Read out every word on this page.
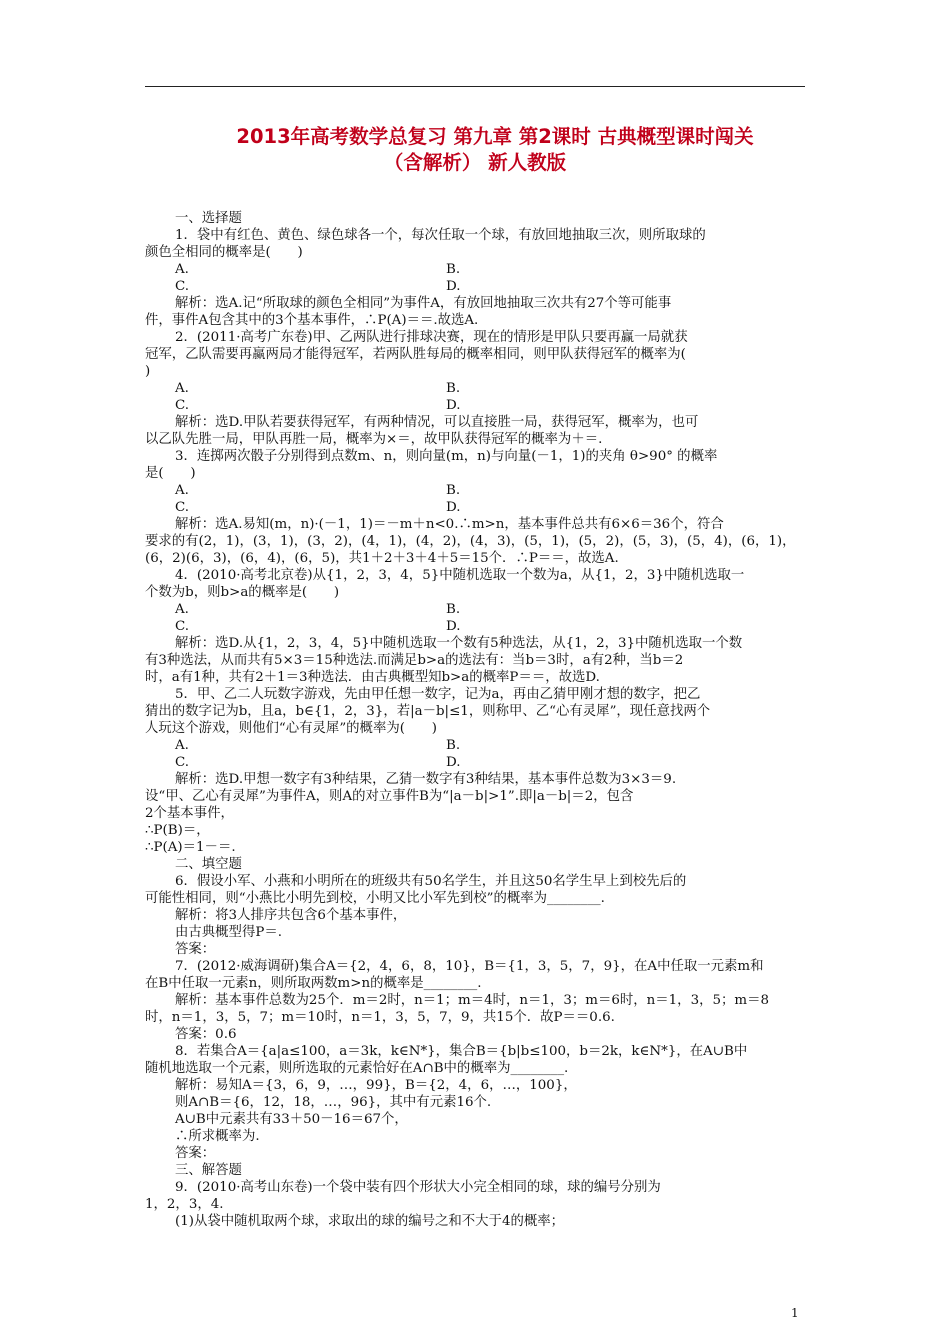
2013年高考数学总复习 第九章 第2课时 古典概型课时闯关
（含解析） 新人教版
一、选择题
1．袋中有红色、黄色、绿色球各一个，每次任取一个球，有放回地抽取三次，则所取球的
颜色全相同的概率是(　　)
A.	B.
C.	D.
解析：选A.记“所取球的颜色全相同”为事件A，有放回地抽取三次共有27个等可能事
件，事件A包含其中的3个基本事件，∴P(A)＝＝.故选A.
2．(2011·高考广东卷)甲、乙两队进行排球决赛，现在的情形是甲队只要再赢一局就获
冠军，乙队需要再赢两局才能得冠军，若两队胜每局的概率相同，则甲队获得冠军的概率为(
)
A.	B.
C.	D.
解析：选D.甲队若要获得冠军，有两种情况，可以直接胜一局，获得冠军，概率为，也可
以乙队先胜一局，甲队再胜一局，概率为×＝，故甲队获得冠军的概率为＋＝.
3．连掷两次骰子分别得到点数m、n，则向量(m，n)与向量(－1，1)的夹角 θ>90° 的概率
是(　　)
A.	B.
C.	D.
解析：选A.易知(m，n)·(－1，1)＝－m＋n<0.∴m>n，基本事件总共有6×6＝36个，符合
要求的有(2，1)，(3，1)，(3，2)，(4，1)，(4，2)，(4，3)，(5，1)，(5，2)，(5，3)，(5，4)，(6，1)，
(6，2)(6，3)，(6，4)，(6，5)，共1＋2＋3＋4＋5＝15个．∴P＝＝，故选A.
4．(2010·高考北京卷)从{1，2，3，4，5}中随机选取一个数为a，从{1，2，3}中随机选取一
个数为b，则b>a的概率是(　　)
A.	B.
C.	D.
解析：选D.从{1，2，3，4，5}中随机选取一个数有5种选法，从{1，2，3}中随机选取一个数
有3种选法，从而共有5×3＝15种选法.而满足b>a的选法有：当b＝3时，a有2种，当b＝2
时，a有1种，共有2＋1＝3种选法．由古典概型知b>a的概率P＝＝，故选D.
5．甲、乙二人玩数字游戏，先由甲任想一数字，记为a，再由乙猜甲刚才想的数字，把乙
猜出的数字记为b，且a，b∈{1，2，3}，若|a－b|≤1，则称甲、乙“心有灵犀”，现任意找两个
人玩这个游戏，则他们“心有灵犀”的概率为(　　)
A.	B.
C.	D.
解析：选D.甲想一数字有3种结果，乙猜一数字有3种结果，基本事件总数为3×3＝9.
设“甲、乙心有灵犀”为事件A，则A的对立事件B为“|a－b|>1”.即|a－b|＝2，包含
2个基本事件，
∴P(B)＝，
∴P(A)＝1－＝.
二、填空题
6．假设小军、小燕和小明所在的班级共有50名学生，并且这50名学生早上到校先后的
可能性相同，则“小燕比小明先到校，小明又比小军先到校”的概率为________.
解析：将3人排序共包含6个基本事件，
由古典概型得P＝.
答案：
7．(2012·威海调研)集合A＝{2，4，6，8，10}，B＝{1，3，5，7，9}，在A中任取一元素m和
在B中任取一元素n，则所取两数m>n的概率是________.
解析：基本事件总数为25个．m＝2时，n＝1；m＝4时，n＝1，3；m＝6时，n＝1，3，5；m＝8
时，n＝1，3，5，7；m＝10时，n＝1，3，5，7，9，共15个．故P＝＝0.6.
答案：0.6
8．若集合A＝{a|a≤100，a＝3k，k∈N*}，集合B＝{b|b≤100，b＝2k，k∈N*}，在A∪B中
随机地选取一个元素，则所选取的元素恰好在A∩B中的概率为________.
解析：易知A＝{3，6，9，…，99}，B＝{2，4，6，…，100}，
则A∩B＝{6，12，18，…，96}，其中有元素16个.
A∪B中元素共有33＋50－16＝67个，
∴所求概率为.
答案：
三、解答题
9．(2010·高考山东卷)一个袋中装有四个形状大小完全相同的球，球的编号分别为
1，2，3，4.
(1)从袋中随机取两个球，求取出的球的编号之和不大于4的概率；
1
